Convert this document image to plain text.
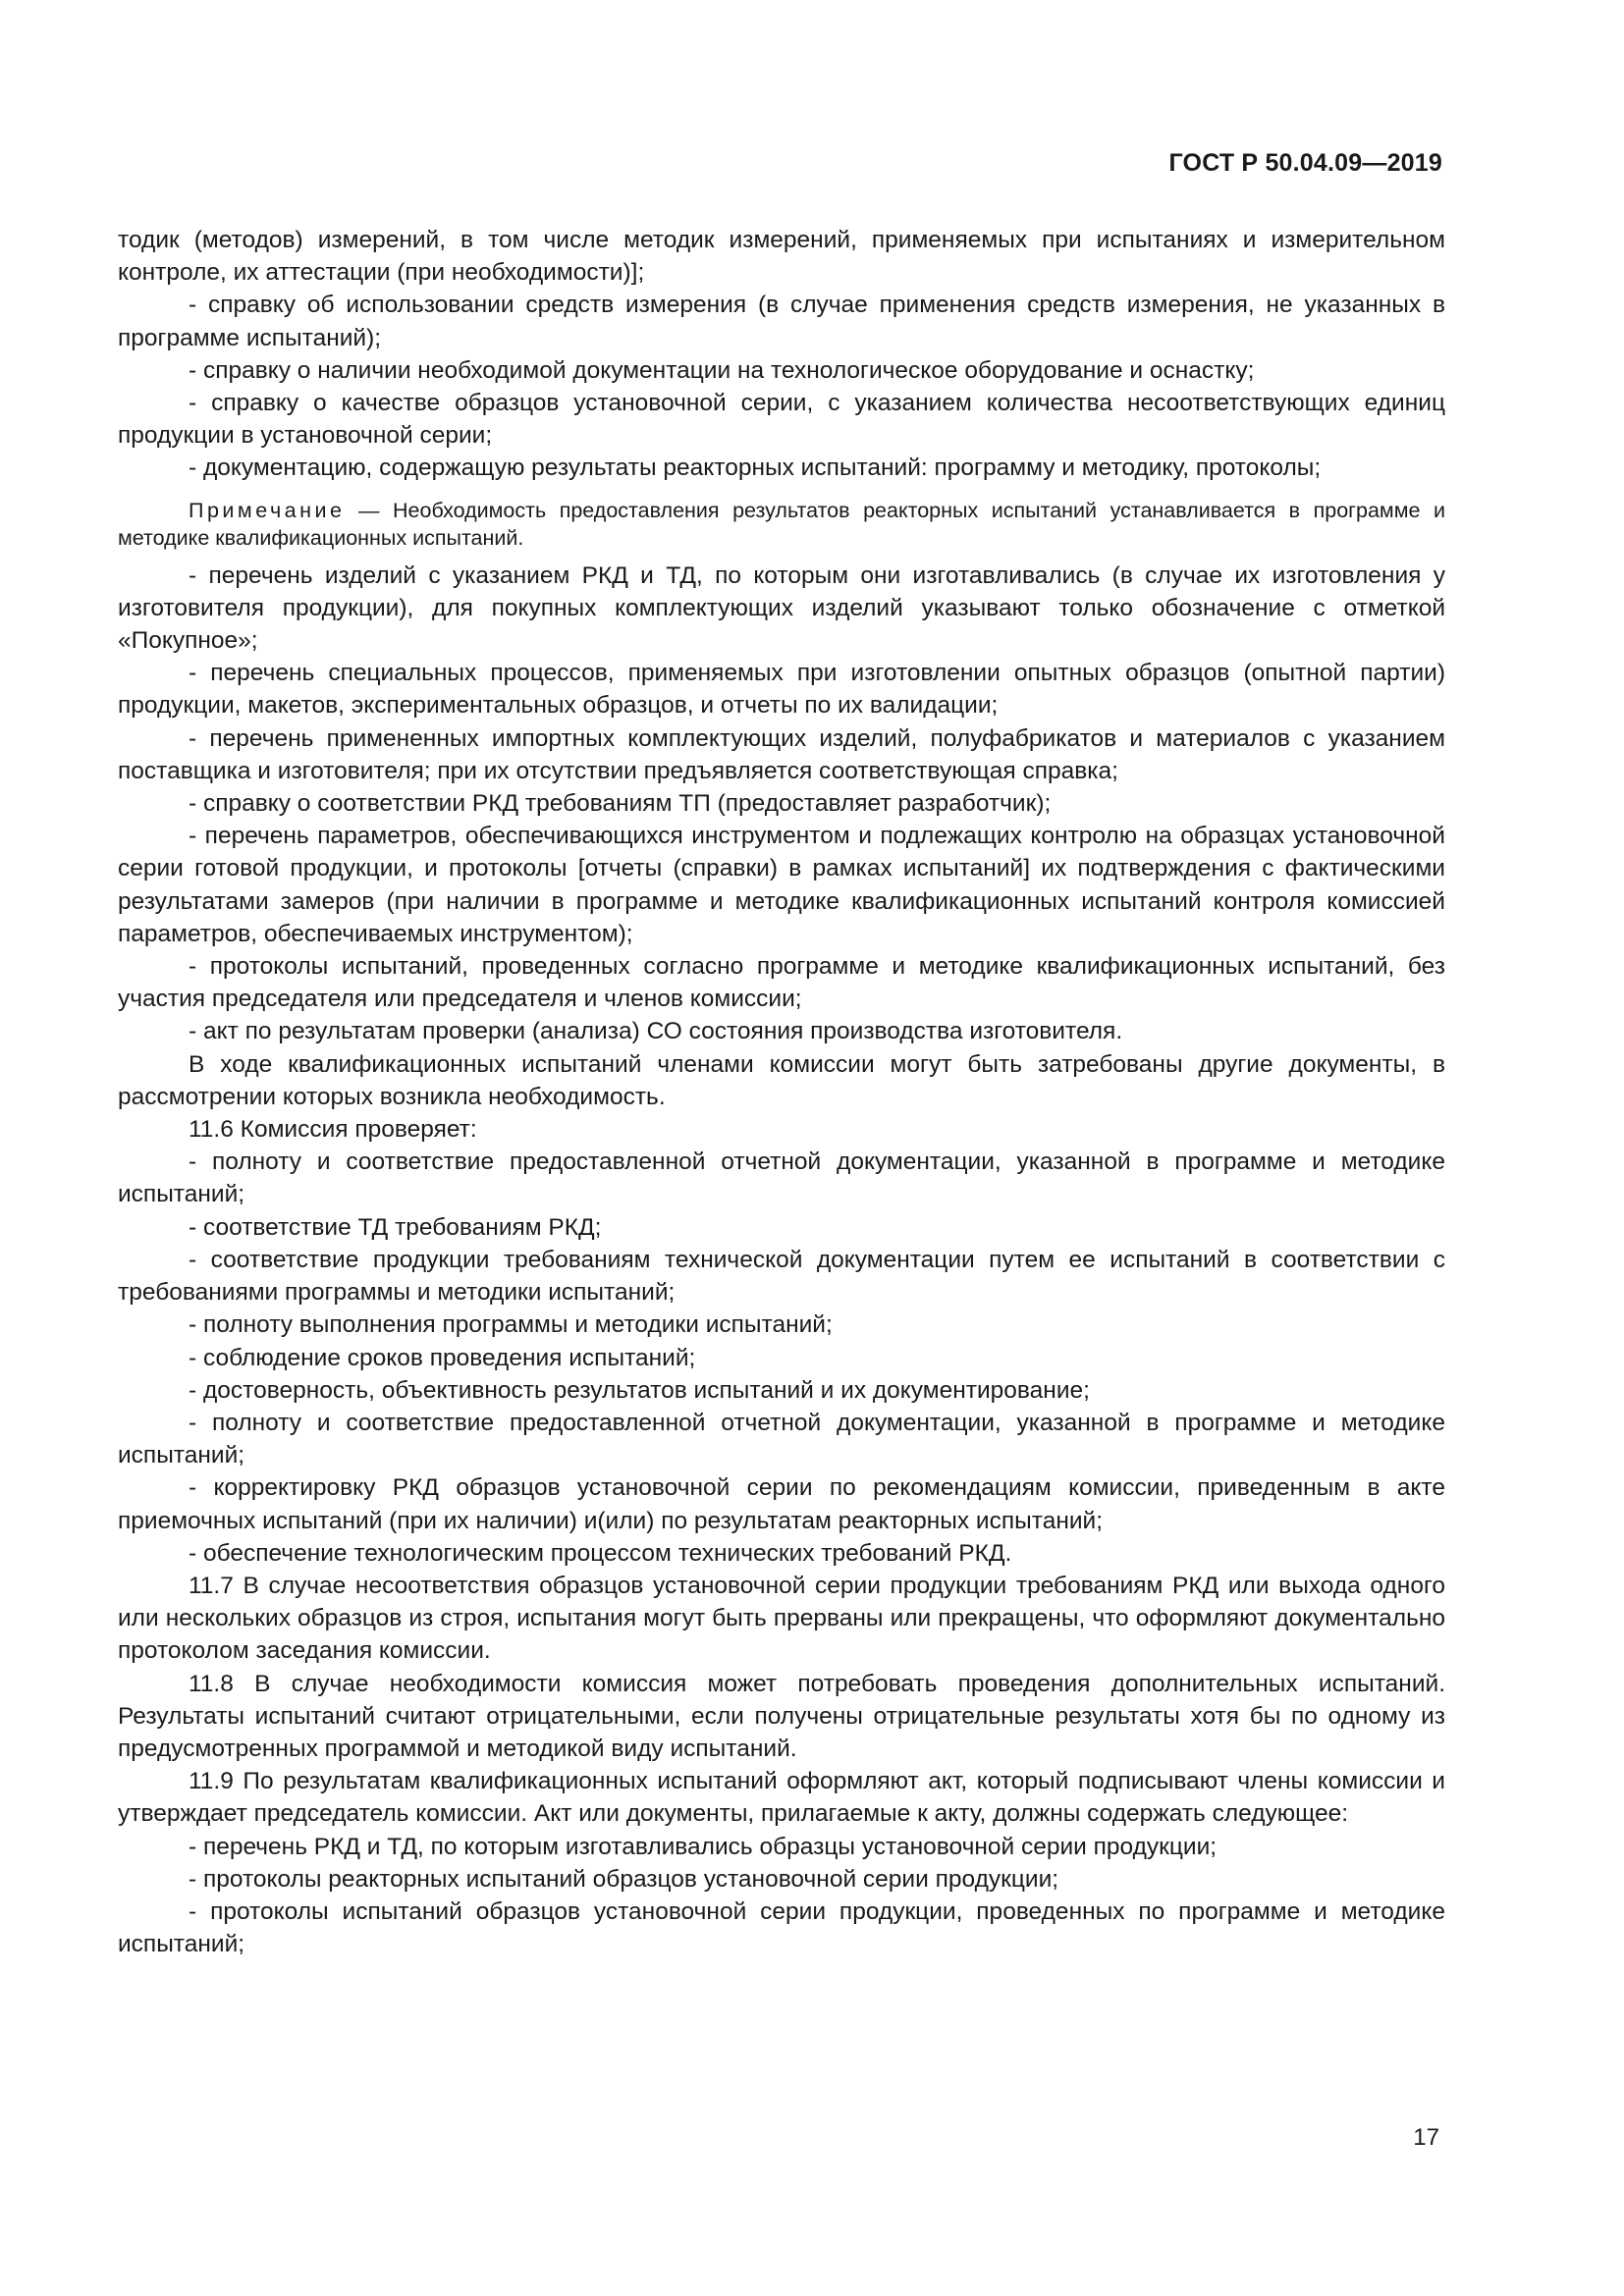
ГОСТ Р 50.04.09—2019

тодик (методов) измерений, в том числе методик измерений, применяемых при испытаниях и измерительном контроле, их аттестации (при необходимости)];

- справку об использовании средств измерения (в случае применения средств измерения, не указанных в программе испытаний);

- справку о наличии необходимой документации на технологическое оборудование и оснастку;

- справку о качестве образцов установочной серии, с указанием количества несоответствующих единиц продукции в установочной серии;

- документацию, содержащую результаты реакторных испытаний: программу и методику, протоколы;

Примечание — Необходимость предоставления результатов реакторных испытаний устанавливается в программе и методике квалификационных испытаний.

- перечень изделий с указанием РКД и ТД, по которым они изготавливались (в случае их изготовления у изготовителя продукции), для покупных комплектующих изделий указывают только обозначение с отметкой «Покупное»;

- перечень специальных процессов, применяемых при изготовлении опытных образцов (опытной партии) продукции, макетов, экспериментальных образцов, и отчеты по их валидации;

- перечень примененных импортных комплектующих изделий, полуфабрикатов и материалов с указанием поставщика и изготовителя; при их отсутствии предъявляется соответствующая справка;

- справку о соответствии РКД требованиям ТП (предоставляет разработчик);

- перечень параметров, обеспечивающихся инструментом и подлежащих контролю на образцах установочной серии готовой продукции, и протоколы [отчеты (справки) в рамках испытаний] их подтверждения с фактическими результатами замеров (при наличии в программе и методике квалификационных испытаний контроля комиссией параметров, обеспечиваемых инструментом);

- протоколы испытаний, проведенных согласно программе и методике квалификационных испытаний, без участия председателя или председателя и членов комиссии;

- акт по результатам проверки (анализа) СО состояния производства изготовителя.

В ходе квалификационных испытаний членами комиссии могут быть затребованы другие документы, в рассмотрении которых возникла необходимость.

11.6 Комиссия проверяет:

- полноту и соответствие предоставленной отчетной документации, указанной в программе и методике испытаний;

- соответствие ТД требованиям РКД;

- соответствие продукции требованиям технической документации путем ее испытаний в соответствии с требованиями программы и методики испытаний;

- полноту выполнения программы и методики испытаний;

- соблюдение сроков проведения испытаний;

- достоверность, объективность результатов испытаний и их документирование;

- полноту и соответствие предоставленной отчетной документации, указанной в программе и методике испытаний;

- корректировку РКД образцов установочной серии по рекомендациям комиссии, приведенным в акте приемочных испытаний (при их наличии) и(или) по результатам реакторных испытаний;

- обеспечение технологическим процессом технических требований РКД.

11.7 В случае несоответствия образцов установочной серии продукции требованиям РКД или выхода одного или нескольких образцов из строя, испытания могут быть прерваны или прекращены, что оформляют документально протоколом заседания комиссии.

11.8 В случае необходимости комиссия может потребовать проведения дополнительных испытаний. Результаты испытаний считают отрицательными, если получены отрицательные результаты хотя бы по одному из предусмотренных программой и методикой виду испытаний.

11.9 По результатам квалификационных испытаний оформляют акт, который подписывают члены комиссии и утверждает председатель комиссии. Акт или документы, прилагаемые к акту, должны содержать следующее:

- перечень РКД и ТД, по которым изготавливались образцы установочной серии продукции;

- протоколы реакторных испытаний образцов установочной серии продукции;

- протоколы испытаний образцов установочной серии продукции, проведенных по программе и методике испытаний;

17
